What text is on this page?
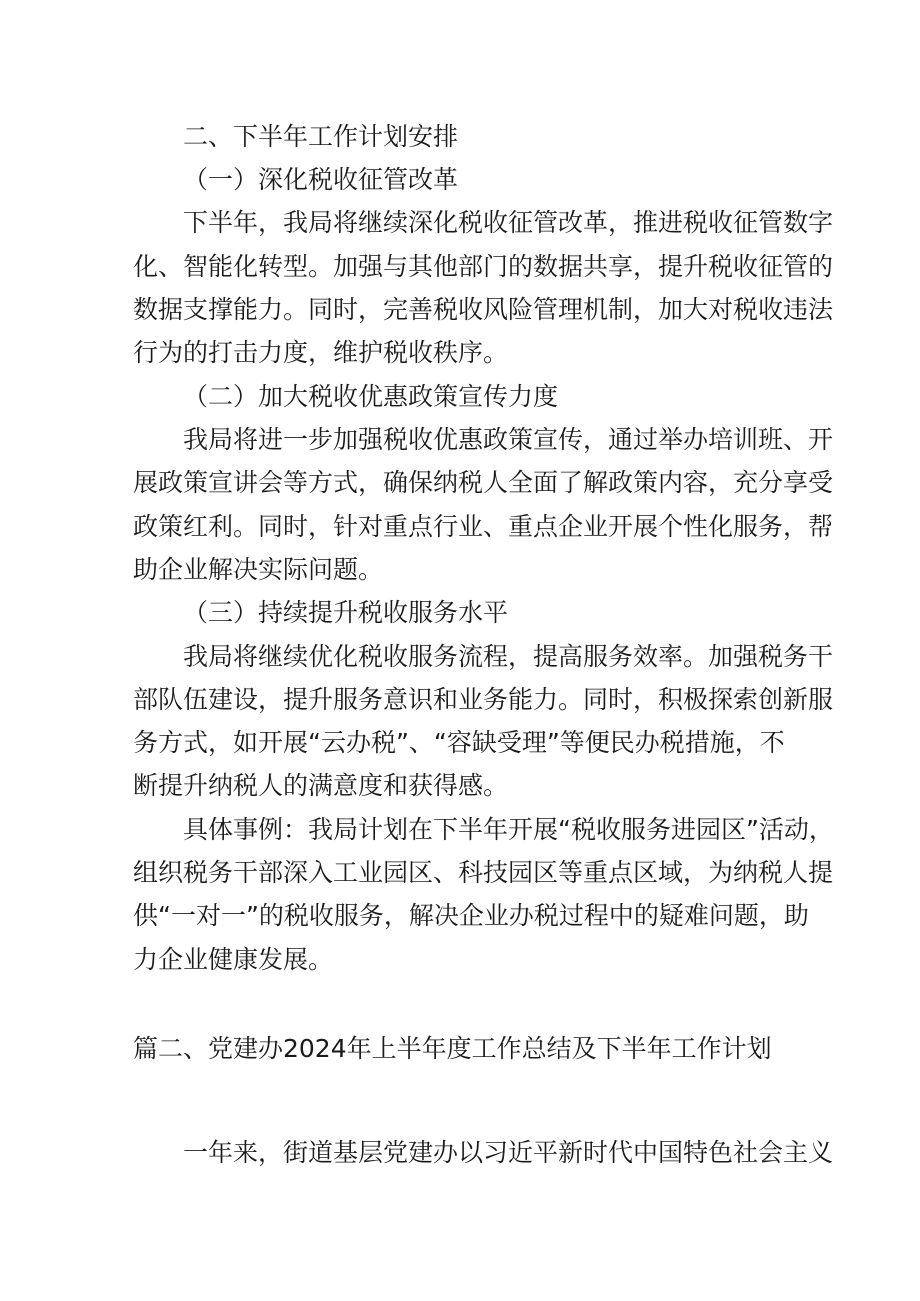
二、下半年工作计划安排
（一）深化税收征管改革
下半年，我局将继续深化税收征管改革，推进税收征管数字
化、智能化转型。加强与其他部门的数据共享，提升税收征管的
数据支撑能力。同时，完善税收风险管理机制，加大对税收违法
行为的打击力度，维护税收秩序。
（二）加大税收优惠政策宣传力度
我局将进一步加强税收优惠政策宣传，通过举办培训班、开
展政策宣讲会等方式，确保纳税人全面了解政策内容，充分享受
政策红利。同时，针对重点行业、重点企业开展个性化服务，帮
助企业解决实际问题。
（三）持续提升税收服务水平
我局将继续优化税收服务流程，提高服务效率。加强税务干
部队伍建设，提升服务意识和业务能力。同时，积极探索创新服
务方式，如开展“云办税”、“容缺受理”等便民办税措施，不
断提升纳税人的满意度和获得感。
具体事例：我局计划在下半年开展“税收服务进园区”活动，
组织税务干部深入工业园区、科技园区等重点区域，为纳税人提
供“一对一”的税收服务，解决企业办税过程中的疑难问题，助
力企业健康发展。
篇二、党建办2024年上半年度工作总结及下半年工作计划
一年来，街道基层党建办以习近平新时代中国特色社会主义
